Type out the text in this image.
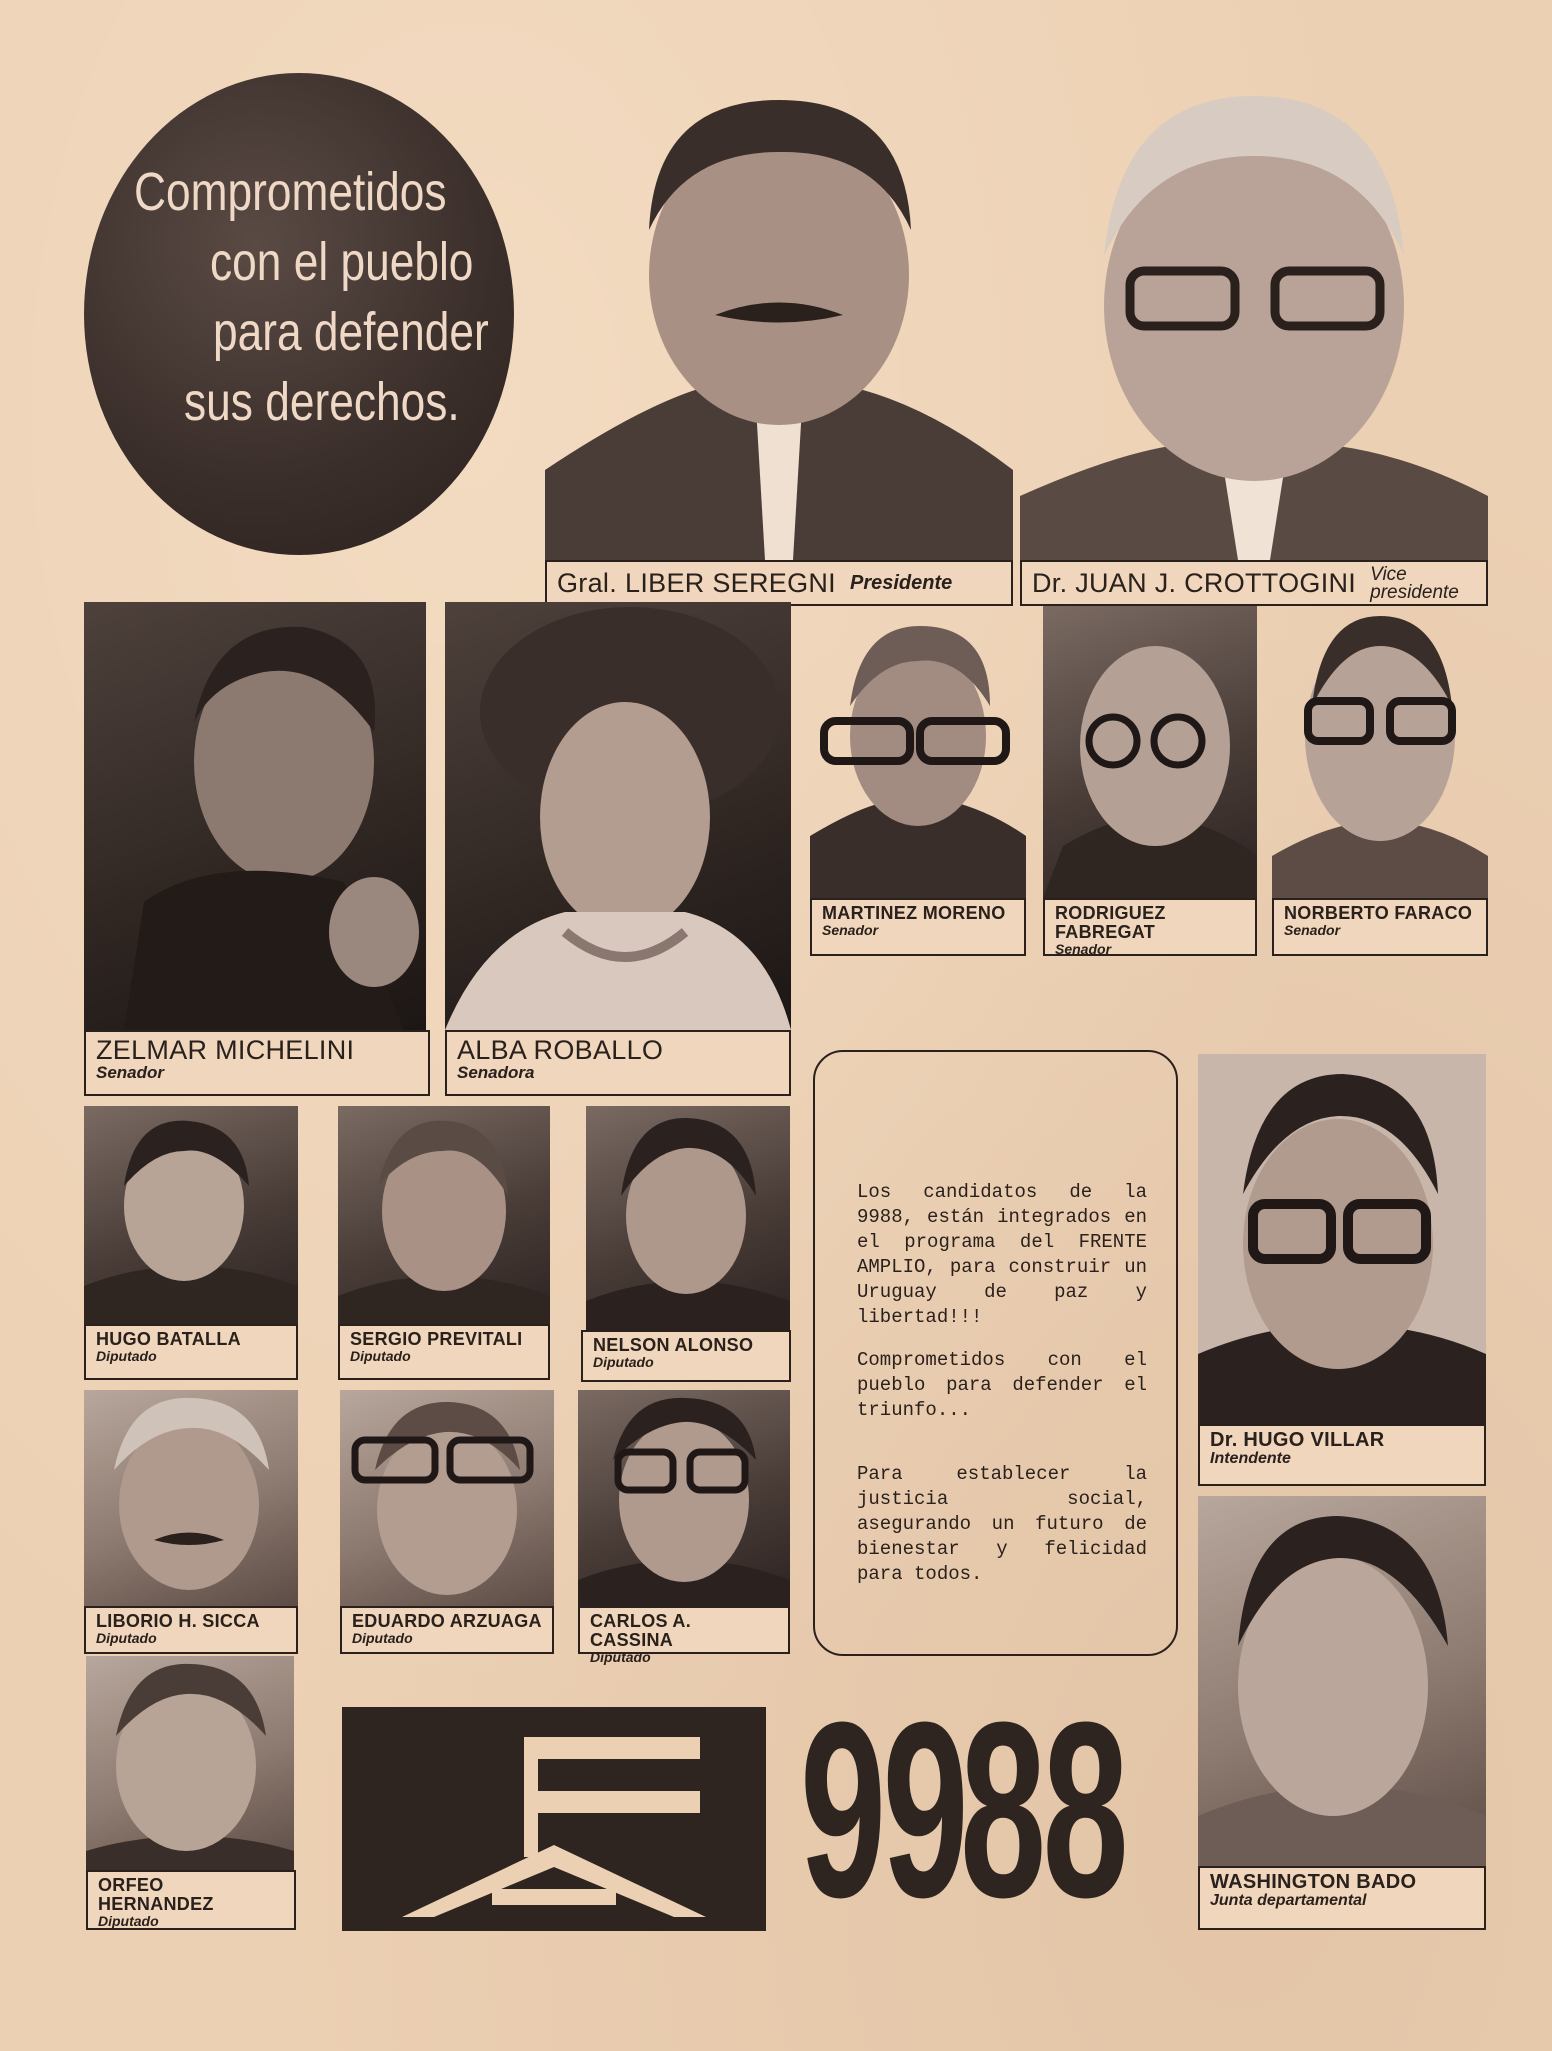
Comprometidos
con el pueblo
para defender
sus derechos.
Gral. LIBER SEREGNI Presidente	Dr. JUAN J. CROTTOGINI Vice
presidente
ZELMAR MICHELINI
Senador
ALBA ROBALLO
Senadora
MARTINEZ MORENO
Senador
RODRIGUEZ FABREGAT
Senador
NORBERTO FARACO
Senador
HUGO BATALLA
Diputado
SERGIO PREVITALI
Diputado
NELSON ALONSO
Diputado
LIBORIO H. SICCA
Diputado
EDUARDO ARZUAGA
Diputado
CARLOS A. CASSINA
Diputado
ORFEO HERNANDEZ
Diputado
Los candidatos de la 9988, están integrados en el programa del FRENTE AMPLIO, para construir un Uruguay de paz y libertad!!!
Comprometidos con el pueblo para defender el triunfo...
Para establecer la justicia social, asegurando un futuro de bienestar y felicidad para todos.
Dr. HUGO VILLAR
Intendente
WASHINGTON BADO
Junta departamental
99
88
